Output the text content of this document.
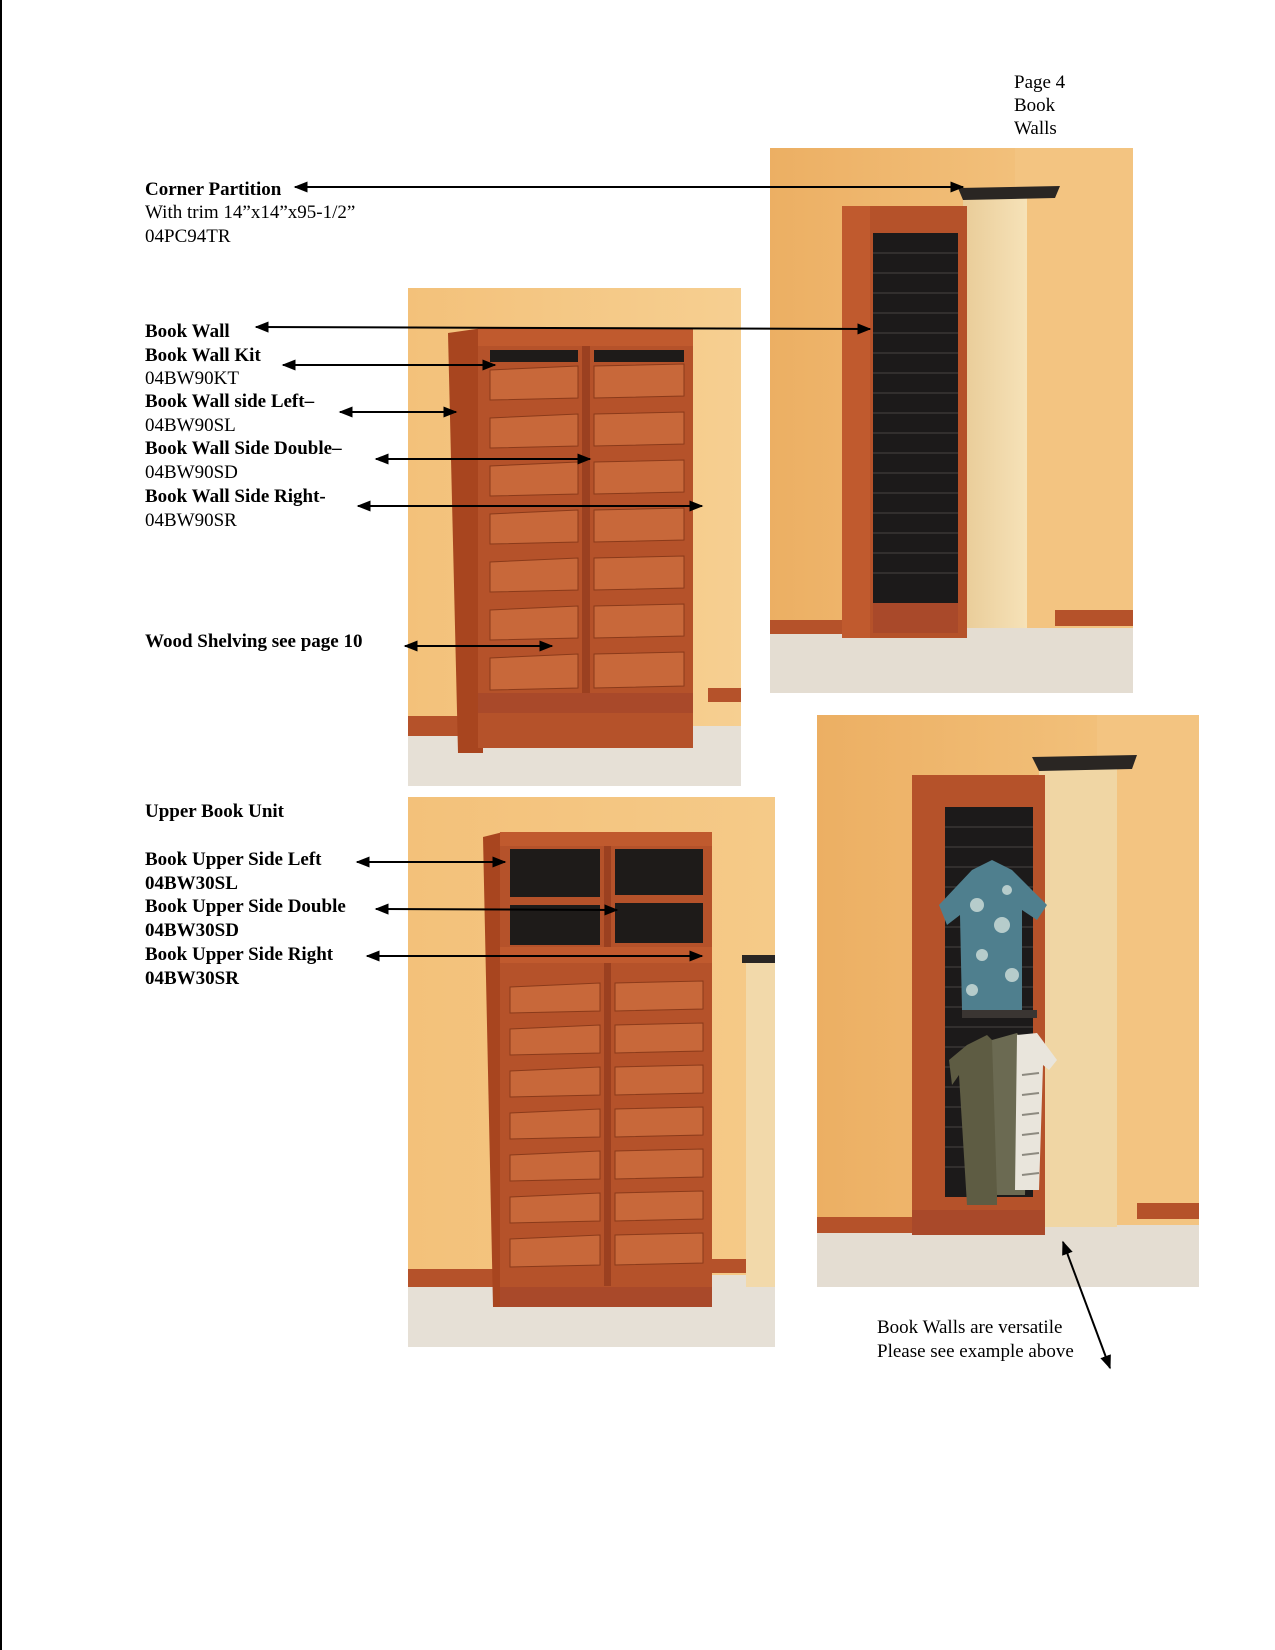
Page 4
Book
Walls
Corner Partition
With trim 14”x14”x95-1/2”
04PC94TR
Book Wall
Book Wall Kit
04BW90KT
Book Wall side Left–
04BW90SL
Book Wall Side Double–
04BW90SD
Book Wall Side Right-
04BW90SR
Wood Shelving see page 10
Upper Book Unit
Book Upper Side Left
04BW30SL
Book Upper Side Double
04BW30SD
Book Upper Side Right
04BW30SR
Book Walls are versatile
Please see example above
